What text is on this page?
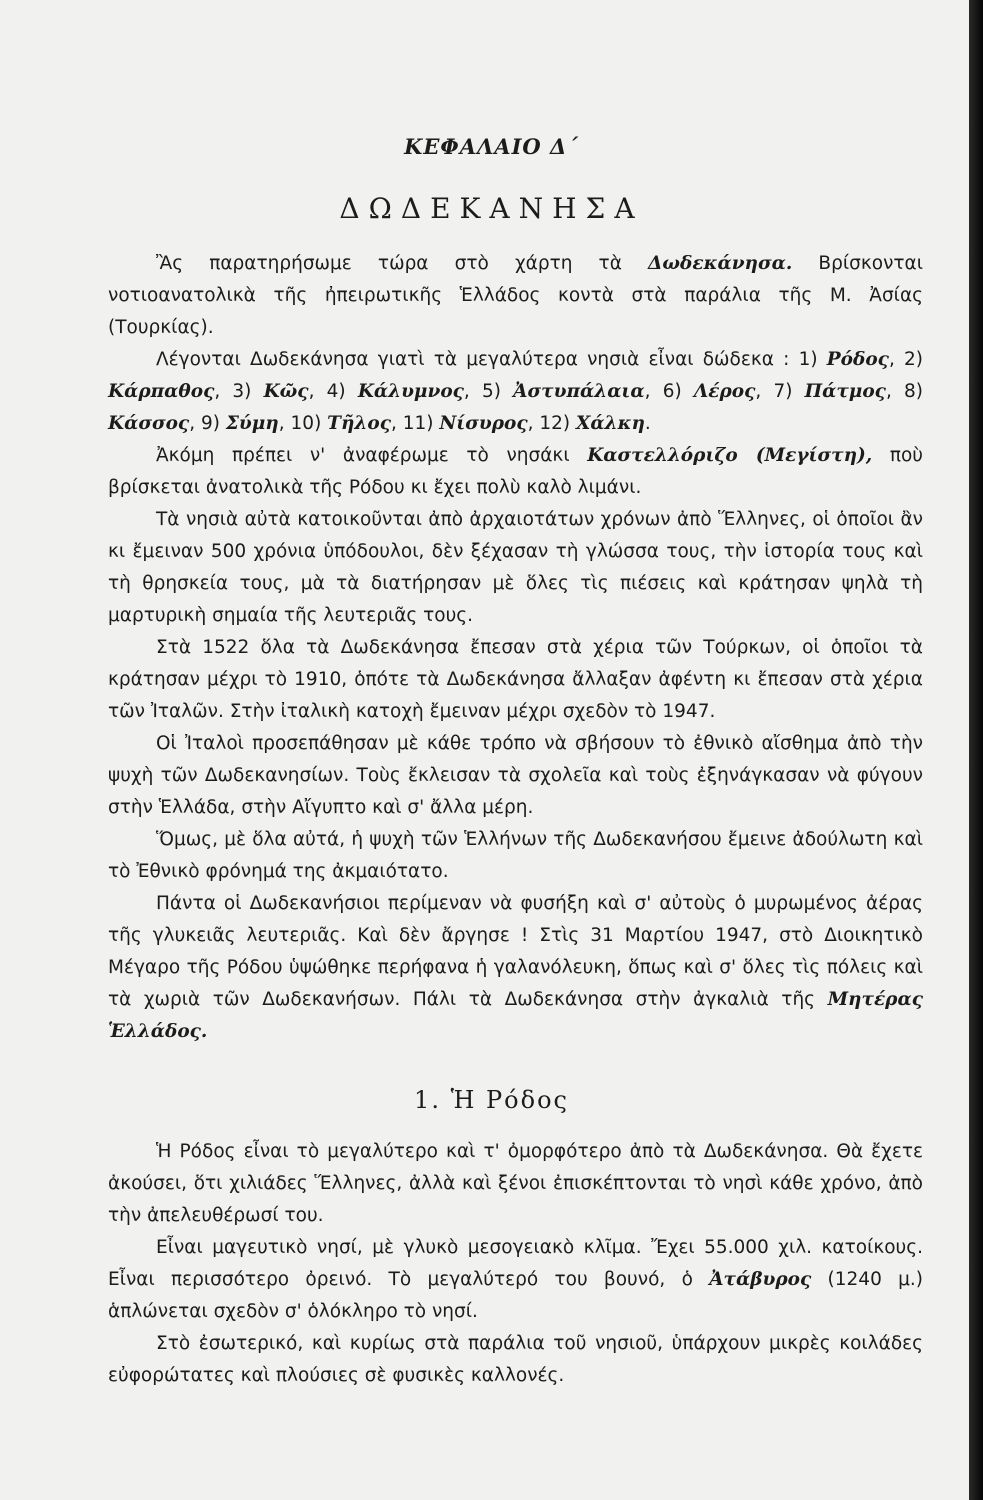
ΚΕΦΑΛΑΙΟ Δ΄
ΔΩΔΕΚΑΝΗΣΑ

Ἂς παρατηρήσωμε τώρα στὸ χάρτη τὰ Δωδεκάνησα. Βρίσκονται νοτιοανατολικὰ τῆς ἠπειρωτικῆς Ἑλλάδος κοντὰ στὰ παράλια τῆς Μ. Ἀσίας (Τουρκίας).

Λέγονται Δωδεκάνησα γιατὶ τὰ μεγαλύτερα νησιὰ εἶναι δώδεκα : 1) Ρόδος, 2) Κάρπαθος, 3) Κῶς, 4) Κάλυμνος, 5) Ἀστυπάλαια, 6) Λέρος, 7) Πάτμος, 8) Κάσσος, 9) Σύμη, 10) Τῆλος, 11) Νίσυρος, 12) Χάλκη.

Ἀκόμη πρέπει ν' ἀναφέρωμε τὸ νησάκι Καστελλόριζο (Μεγίστη), ποὺ βρίσκεται ἀνατολικὰ τῆς Ρόδου κι ἔχει πολὺ καλὸ λιμάνι.

Τὰ νησιὰ αὐτὰ κατοικοῦνται ἀπὸ ἀρχαιοτάτων χρόνων ἀπὸ Ἕλληνες, οἱ ὁποῖοι ἂν κι ἔμειναν 500 χρόνια ὑπόδουλοι, δὲν ξέχασαν τὴ γλώσσα τους, τὴν ἱστορία τους καὶ τὴ θρησκεία τους, μὰ τὰ διατήρησαν μὲ ὅλες τὶς πιέσεις καὶ κράτησαν ψηλὰ τὴ μαρτυρικὴ σημαία τῆς λευτεριᾶς τους.

Στὰ 1522 ὅλα τὰ Δωδεκάνησα ἔπεσαν στὰ χέρια τῶν Τούρκων, οἱ ὁποῖοι τὰ κράτησαν μέχρι τὸ 1910, ὁπότε τὰ Δωδεκάνησα ἄλλαξαν ἀφέντη κι ἔπεσαν στὰ χέρια τῶν Ἰταλῶν. Στὴν ἰταλικὴ κατοχὴ ἔμειναν μέχρι σχεδὸν τὸ 1947.

Οἱ Ἰταλοὶ προσεπάθησαν μὲ κάθε τρόπο νὰ σβήσουν τὸ ἐθνικὸ αἴσθημα ἀπὸ τὴν ψυχὴ τῶν Δωδεκανησίων. Τοὺς ἔκλεισαν τὰ σχολεῖα καὶ τοὺς ἐξηνάγκασαν νὰ φύγουν στὴν Ἑλλάδα, στὴν Αἴγυπτο καὶ σ' ἄλλα μέρη.

Ὅμως, μὲ ὅλα αὐτά, ἡ ψυχὴ τῶν Ἑλλήνων τῆς Δωδεκανήσου ἔμεινε ἀδούλωτη καὶ τὸ Ἐθνικὸ φρόνημά της ἀκμαιότατο.

Πάντα οἱ Δωδεκανήσιοι περίμεναν νὰ φυσήξη καὶ σ' αὐτοὺς ὁ μυρωμένος ἀέρας τῆς γλυκειᾶς λευτεριᾶς. Καὶ δὲν ἄργησε ! Στὶς 31 Μαρτίου 1947, στὸ Διοικητικὸ Μέγαρο τῆς Ρόδου ὑψώθηκε περήφανα ἡ γαλανόλευκη, ὅπως καὶ σ' ὅλες τὶς πόλεις καὶ τὰ χωριὰ τῶν Δωδεκανήσων. Πάλι τὰ Δωδεκάνησα στὴν ἀγκαλιὰ τῆς Μητέρας Ἑλλάδος.

1. Ἡ Ρόδος

Ἡ Ρόδος εἶναι τὸ μεγαλύτερο καὶ τ' ὀμορφότερο ἀπὸ τὰ Δωδεκάνησα. Θὰ ἔχετε ἀκούσει, ὅτι χιλιάδες Ἕλληνες, ἀλλὰ καὶ ξένοι ἐπισκέπτονται τὸ νησὶ κάθε χρόνο, ἀπὸ τὴν ἀπελευθέρωσί του.

Εἶναι μαγευτικὸ νησί, μὲ γλυκὸ μεσογειακὸ κλῖμα. Ἔχει 55.000 χιλ. κατοίκους. Εἶναι περισσότερο ὀρεινό. Τὸ μεγαλύτερό του βουνό, ὁ Ἀτάβυρος (1240 μ.) ἁπλώνεται σχεδὸν σ' ὁλόκληρο τὸ νησί.

Στὸ ἐσωτερικό, καὶ κυρίως στὰ παράλια τοῦ νησιοῦ, ὑπάρχουν μικρὲς κοιλάδες εὐφορώτατες καὶ πλούσιες σὲ φυσικὲς καλλονές.
